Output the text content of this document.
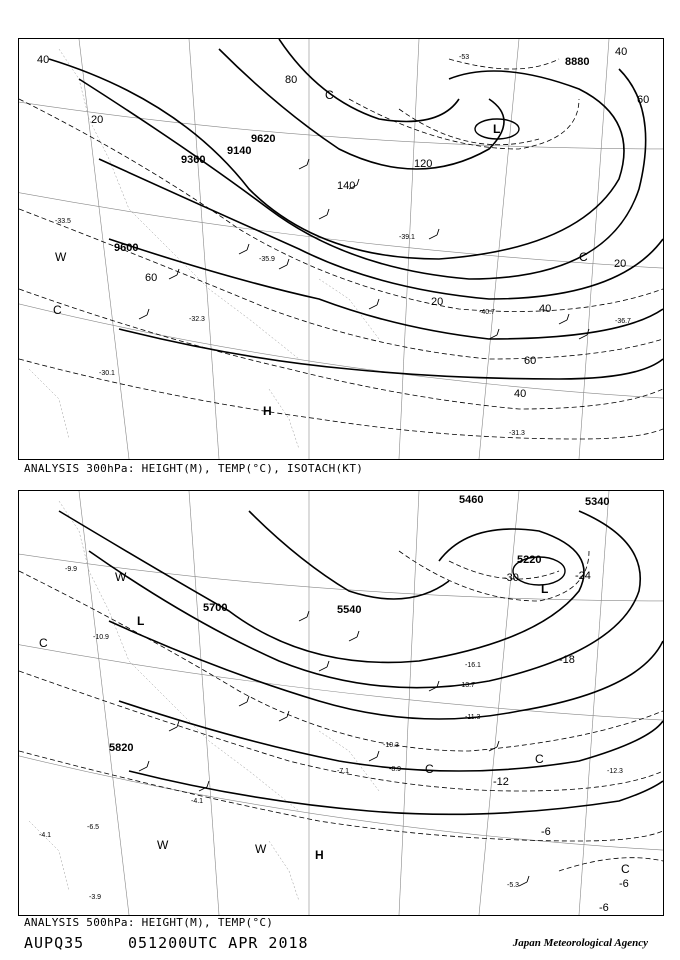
8880
9140
9360
9600
9620
20
40
60
80
120
140
20
40
60
40
20
60
40
-33.5
-35.9
-32.3
-30.1
-40.7
-36.7
-31.3
-39.1
-53
H
L
C
C
W
C
ANALYSIS 300hPa: HEIGHT(M), TEMP(°C), ISOTACH(KT)
5460	5340
5700
5820
5220
5540
-18
-24
-30
-12
-6
-6
-6
-13.7
-16.1
-11.3
-10.3
-12.3
-8.9
-7.1
-5.3
-4.1
-9.9
-6.5
-3.9
-4.1
-10.9
H
L
L
C
C
C
C
W	W
W
ANALYSIS 500hPa: HEIGHT(M), TEMP(°C)
AUPQ35	051200UTC APR 2018	Japan Meteorological Agency
